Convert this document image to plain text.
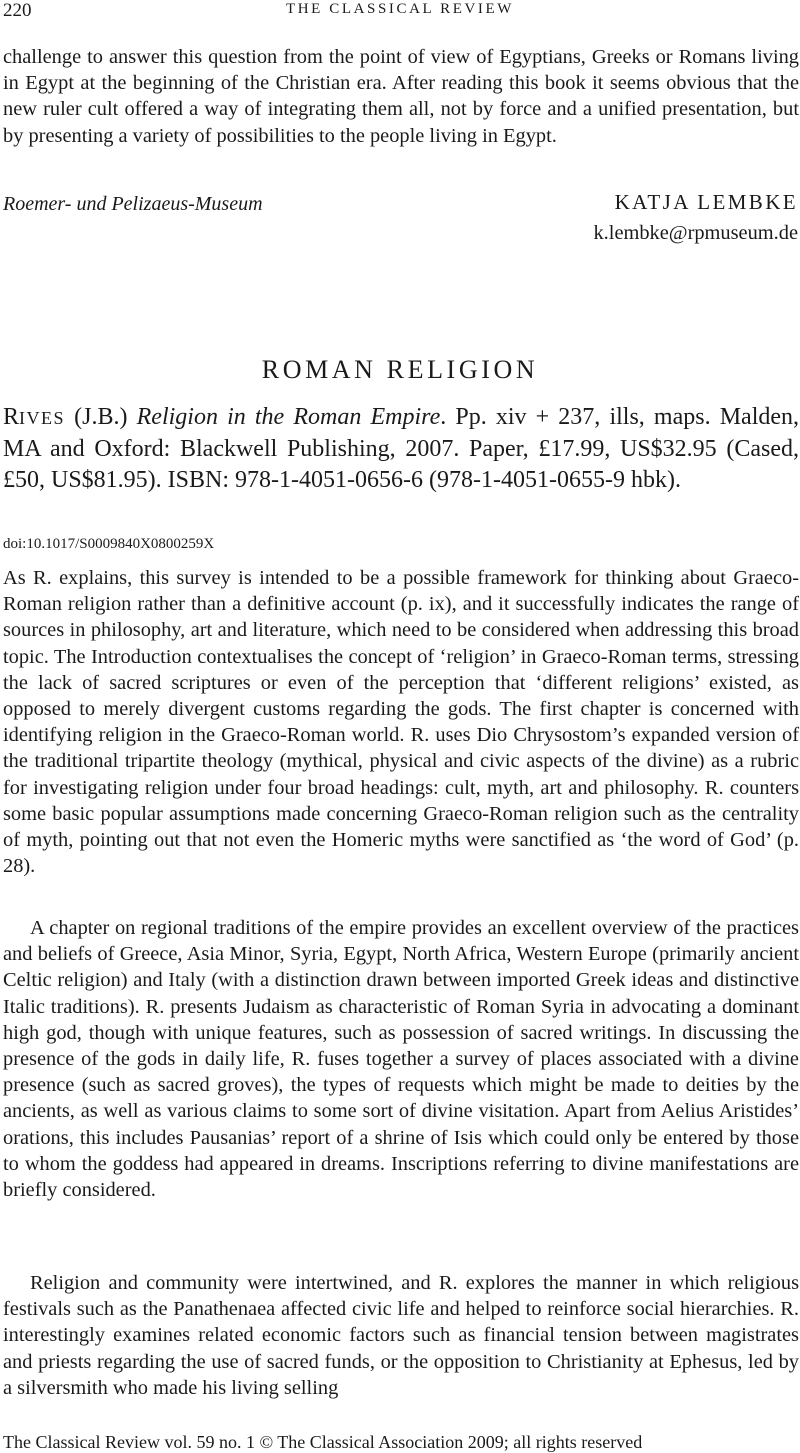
220	THE CLASSICAL REVIEW

challenge to answer this question from the point of view of Egyptians, Greeks or Romans living in Egypt at the beginning of the Christian era. After reading this book it seems obvious that the new ruler cult offered a way of integrating them all, not by force and a unified presentation, but by presenting a variety of possibilities to the people living in Egypt.

Roemer- und Pelizaeus-Museum	KATJA LEMBKE
k.lembke@rpmuseum.de
ROMAN RELIGION

RIVES (J.B.) Religion in the Roman Empire. Pp. xiv + 237, ills, maps. Malden, MA and Oxford: Blackwell Publishing, 2007. Paper, £17.99, US$32.95 (Cased, £50, US$81.95). ISBN: 978-1-4051-0656-6 (978-1-4051-0655-9 hbk).

doi:10.1017/S0009840X0800259X

As R. explains, this survey is intended to be a possible framework for thinking about Graeco-Roman religion rather than a definitive account (p. ix), and it successfully indicates the range of sources in philosophy, art and literature, which need to be considered when addressing this broad topic. The Introduction contextualises the concept of ‘religion’ in Graeco-Roman terms, stressing the lack of sacred scriptures or even of the perception that ‘different religions’ existed, as opposed to merely divergent customs regarding the gods. The first chapter is concerned with identifying religion in the Graeco-Roman world. R. uses Dio Chrysostom’s expanded version of the traditional tripartite theology (mythical, physical and civic aspects of the divine) as a rubric for investigating religion under four broad headings: cult, myth, art and philosophy. R. counters some basic popular assumptions made concerning Graeco-Roman religion such as the centrality of myth, pointing out that not even the Homeric myths were sanctified as ‘the word of God’ (p. 28).

A chapter on regional traditions of the empire provides an excellent overview of the practices and beliefs of Greece, Asia Minor, Syria, Egypt, North Africa, Western Europe (primarily ancient Celtic religion) and Italy (with a distinction drawn between imported Greek ideas and distinctive Italic traditions). R. presents Judaism as characteristic of Roman Syria in advocating a dominant high god, though with unique features, such as possession of sacred writings. In discussing the presence of the gods in daily life, R. fuses together a survey of places associated with a divine presence (such as sacred groves), the types of requests which might be made to deities by the ancients, as well as various claims to some sort of divine visitation. Apart from Aelius Aristides’ orations, this includes Pausanias’ report of a shrine of Isis which could only be entered by those to whom the goddess had appeared in dreams. Inscriptions referring to divine manifestations are briefly considered.

Religion and community were intertwined, and R. explores the manner in which religious festivals such as the Panathenaea affected civic life and helped to reinforce social hierarchies. R. interestingly examines related economic factors such as financial tension between magistrates and priests regarding the use of sacred funds, or the opposition to Christianity at Ephesus, led by a silversmith who made his living selling

The Classical Review vol. 59 no. 1 © The Classical Association 2009; all rights reserved
